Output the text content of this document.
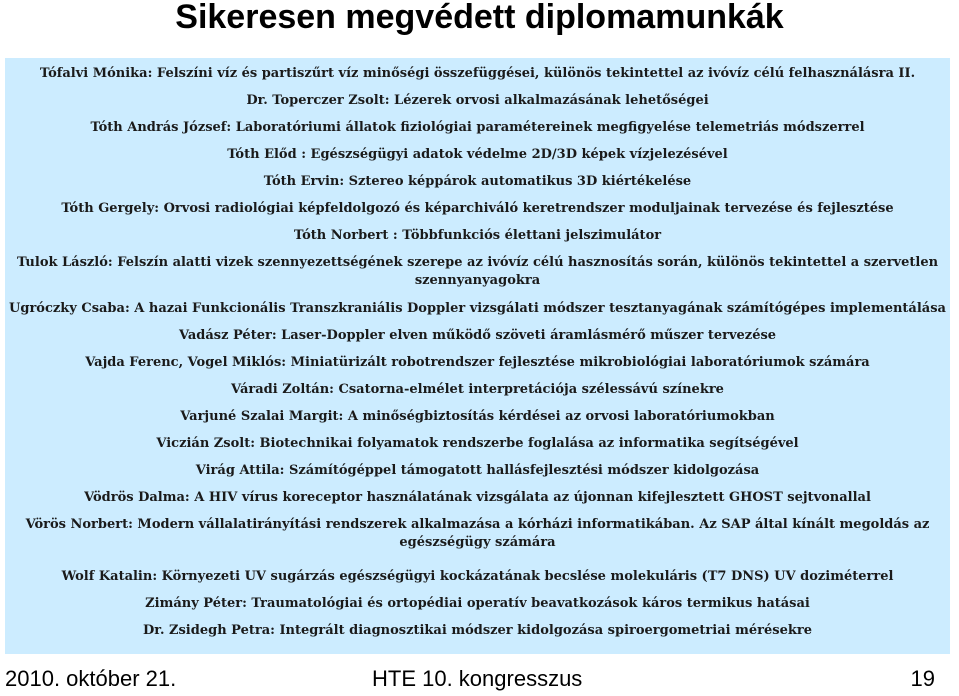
Sikeresen megvédett diplomamunkák
Tófalvi Mónika: Felszíni víz és partiszűrt víz minőségi összefüggései, különös tekintettel az ivóvíz célú felhasználásra II.
Dr. Toperczer Zsolt: Lézerek orvosi alkalmazásának lehetőségei
Tóth András József: Laboratóriumi állatok fiziológiai paramétereinek megfigyelése telemetriás módszerrel
Tóth Előd : Egészségügyi adatok védelme 2D/3D képek vízjelezésével
Tóth Ervin: Sztereo képpárok automatikus 3D kiértékelése
Tóth Gergely: Orvosi radiológiai képfeldolgozó és képarchiváló keretrendszer moduljainak tervezése és fejlesztése
Tóth Norbert : Többfunkciós élettani jelszimulátor
Tulok László: Felszín alatti vizek szennyezettségének szerepe az ivóvíz célú hasznosítás során, különös tekintettel a szervetlen
szennyanyagokra
Ugróczky Csaba: A hazai Funkcionális Transzkraniális Doppler vizsgálati módszer tesztanyagának számítógépes implementálása
Vadász Péter: Laser-Doppler elven működő szöveti áramlásmérő műszer tervezése
Vajda Ferenc, Vogel Miklós: Miniatürizált robotrendszer fejlesztése mikrobiológiai laboratóriumok számára
Váradi Zoltán: Csatorna-elmélet interpretációja szélessávú színekre
Varjuné Szalai Margit: A minőségbiztosítás kérdései az orvosi laboratóriumokban
Viczián Zsolt: Biotechnikai folyamatok rendszerbe foglalása az informatika segítségével
Virág Attila: Számítógéppel támogatott hallásfejlesztési módszer kidolgozása
Vödrös Dalma: A HIV vírus koreceptor használatának vizsgálata az újonnan kifejlesztett GHOST sejtvonallal
Vörös Norbert: Modern vállalatirányítási rendszerek alkalmazása a kórházi informatikában. Az SAP által kínált megoldás az
egészségügy számára
Wolf Katalin: Környezeti UV sugárzás egészségügyi kockázatának becslése molekuláris (T7 DNS) UV doziméterrel
Zimány Péter: Traumatológiai és ortopédiai operatív beavatkozások káros termikus hatásai
Dr. Zsidegh Petra: Integrált diagnosztikai módszer kidolgozása spiroergometriai mérésekre
2010. október 21.	HTE 10. kongresszus	19
